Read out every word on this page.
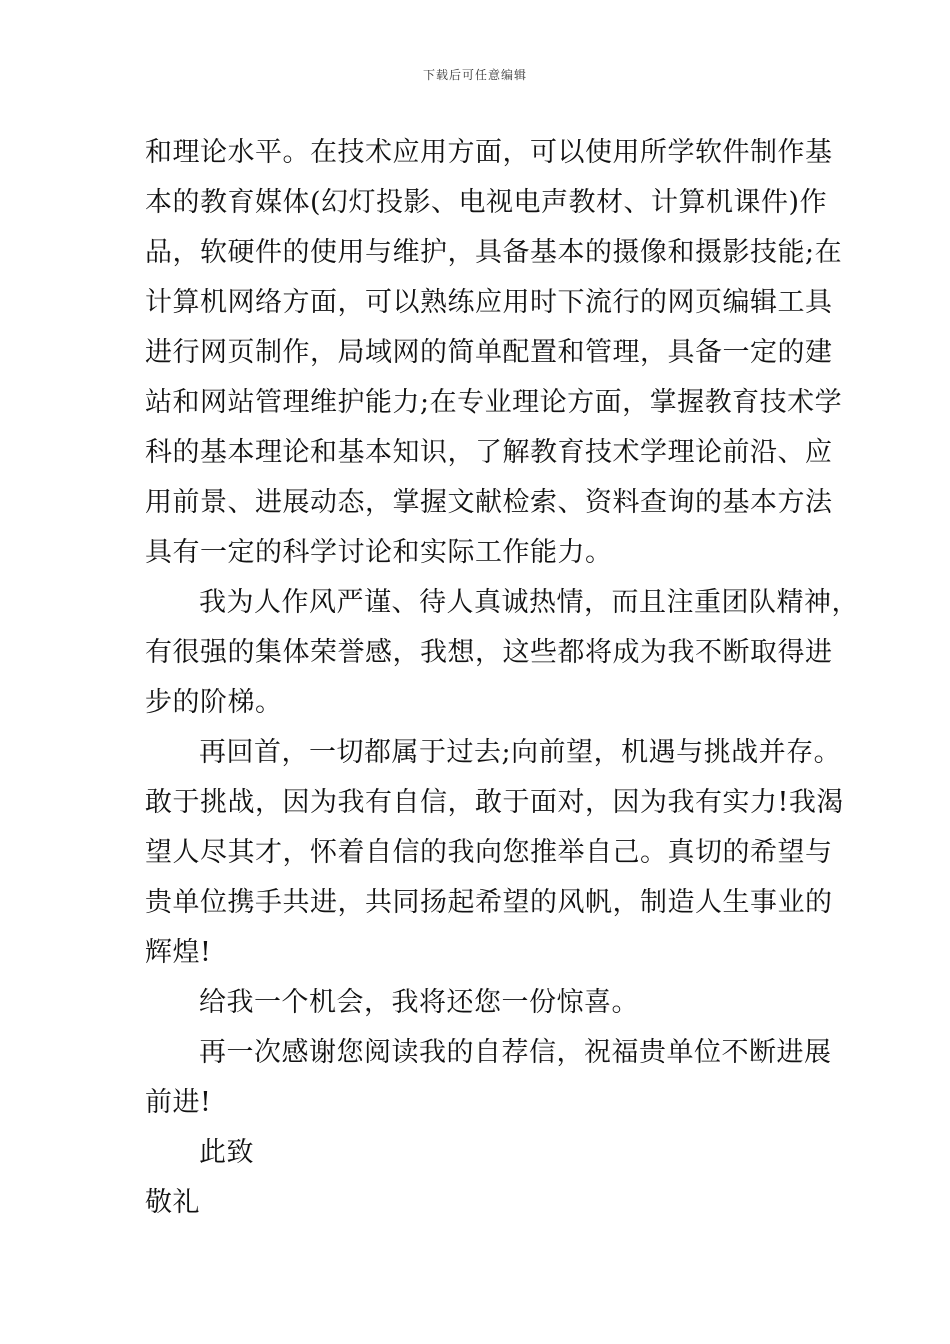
下载后可任意编辑
和理论水平。在技术应用方面，可以使用所学软件制作基
本的教育媒体(幻灯投影、电视电声教材、计算机课件)作
品，软硬件的使用与维护，具备基本的摄像和摄影技能;在
计算机网络方面，可以熟练应用时下流行的网页编辑工具
进行网页制作，局域网的简单配置和管理，具备一定的建
站和网站管理维护能力;在专业理论方面，掌握教育技术学
科的基本理论和基本知识，了解教育技术学理论前沿、应
用前景、进展动态，掌握文献检索、资料查询的基本方法
具有一定的科学讨论和实际工作能力。
我为人作风严谨、待人真诚热情，而且注重团队精神，
有很强的集体荣誉感，我想，这些都将成为我不断取得进
步的阶梯。
再回首，一切都属于过去;向前望，机遇与挑战并存。
敢于挑战，因为我有自信，敢于面对，因为我有实力!我渴
望人尽其才，怀着自信的我向您推举自己。真切的希望与
贵单位携手共进，共同扬起希望的风帆，制造人生事业的
辉煌!
给我一个机会，我将还您一份惊喜。
再一次感谢您阅读我的自荐信，祝福贵单位不断进展
前进!
此致
敬礼
